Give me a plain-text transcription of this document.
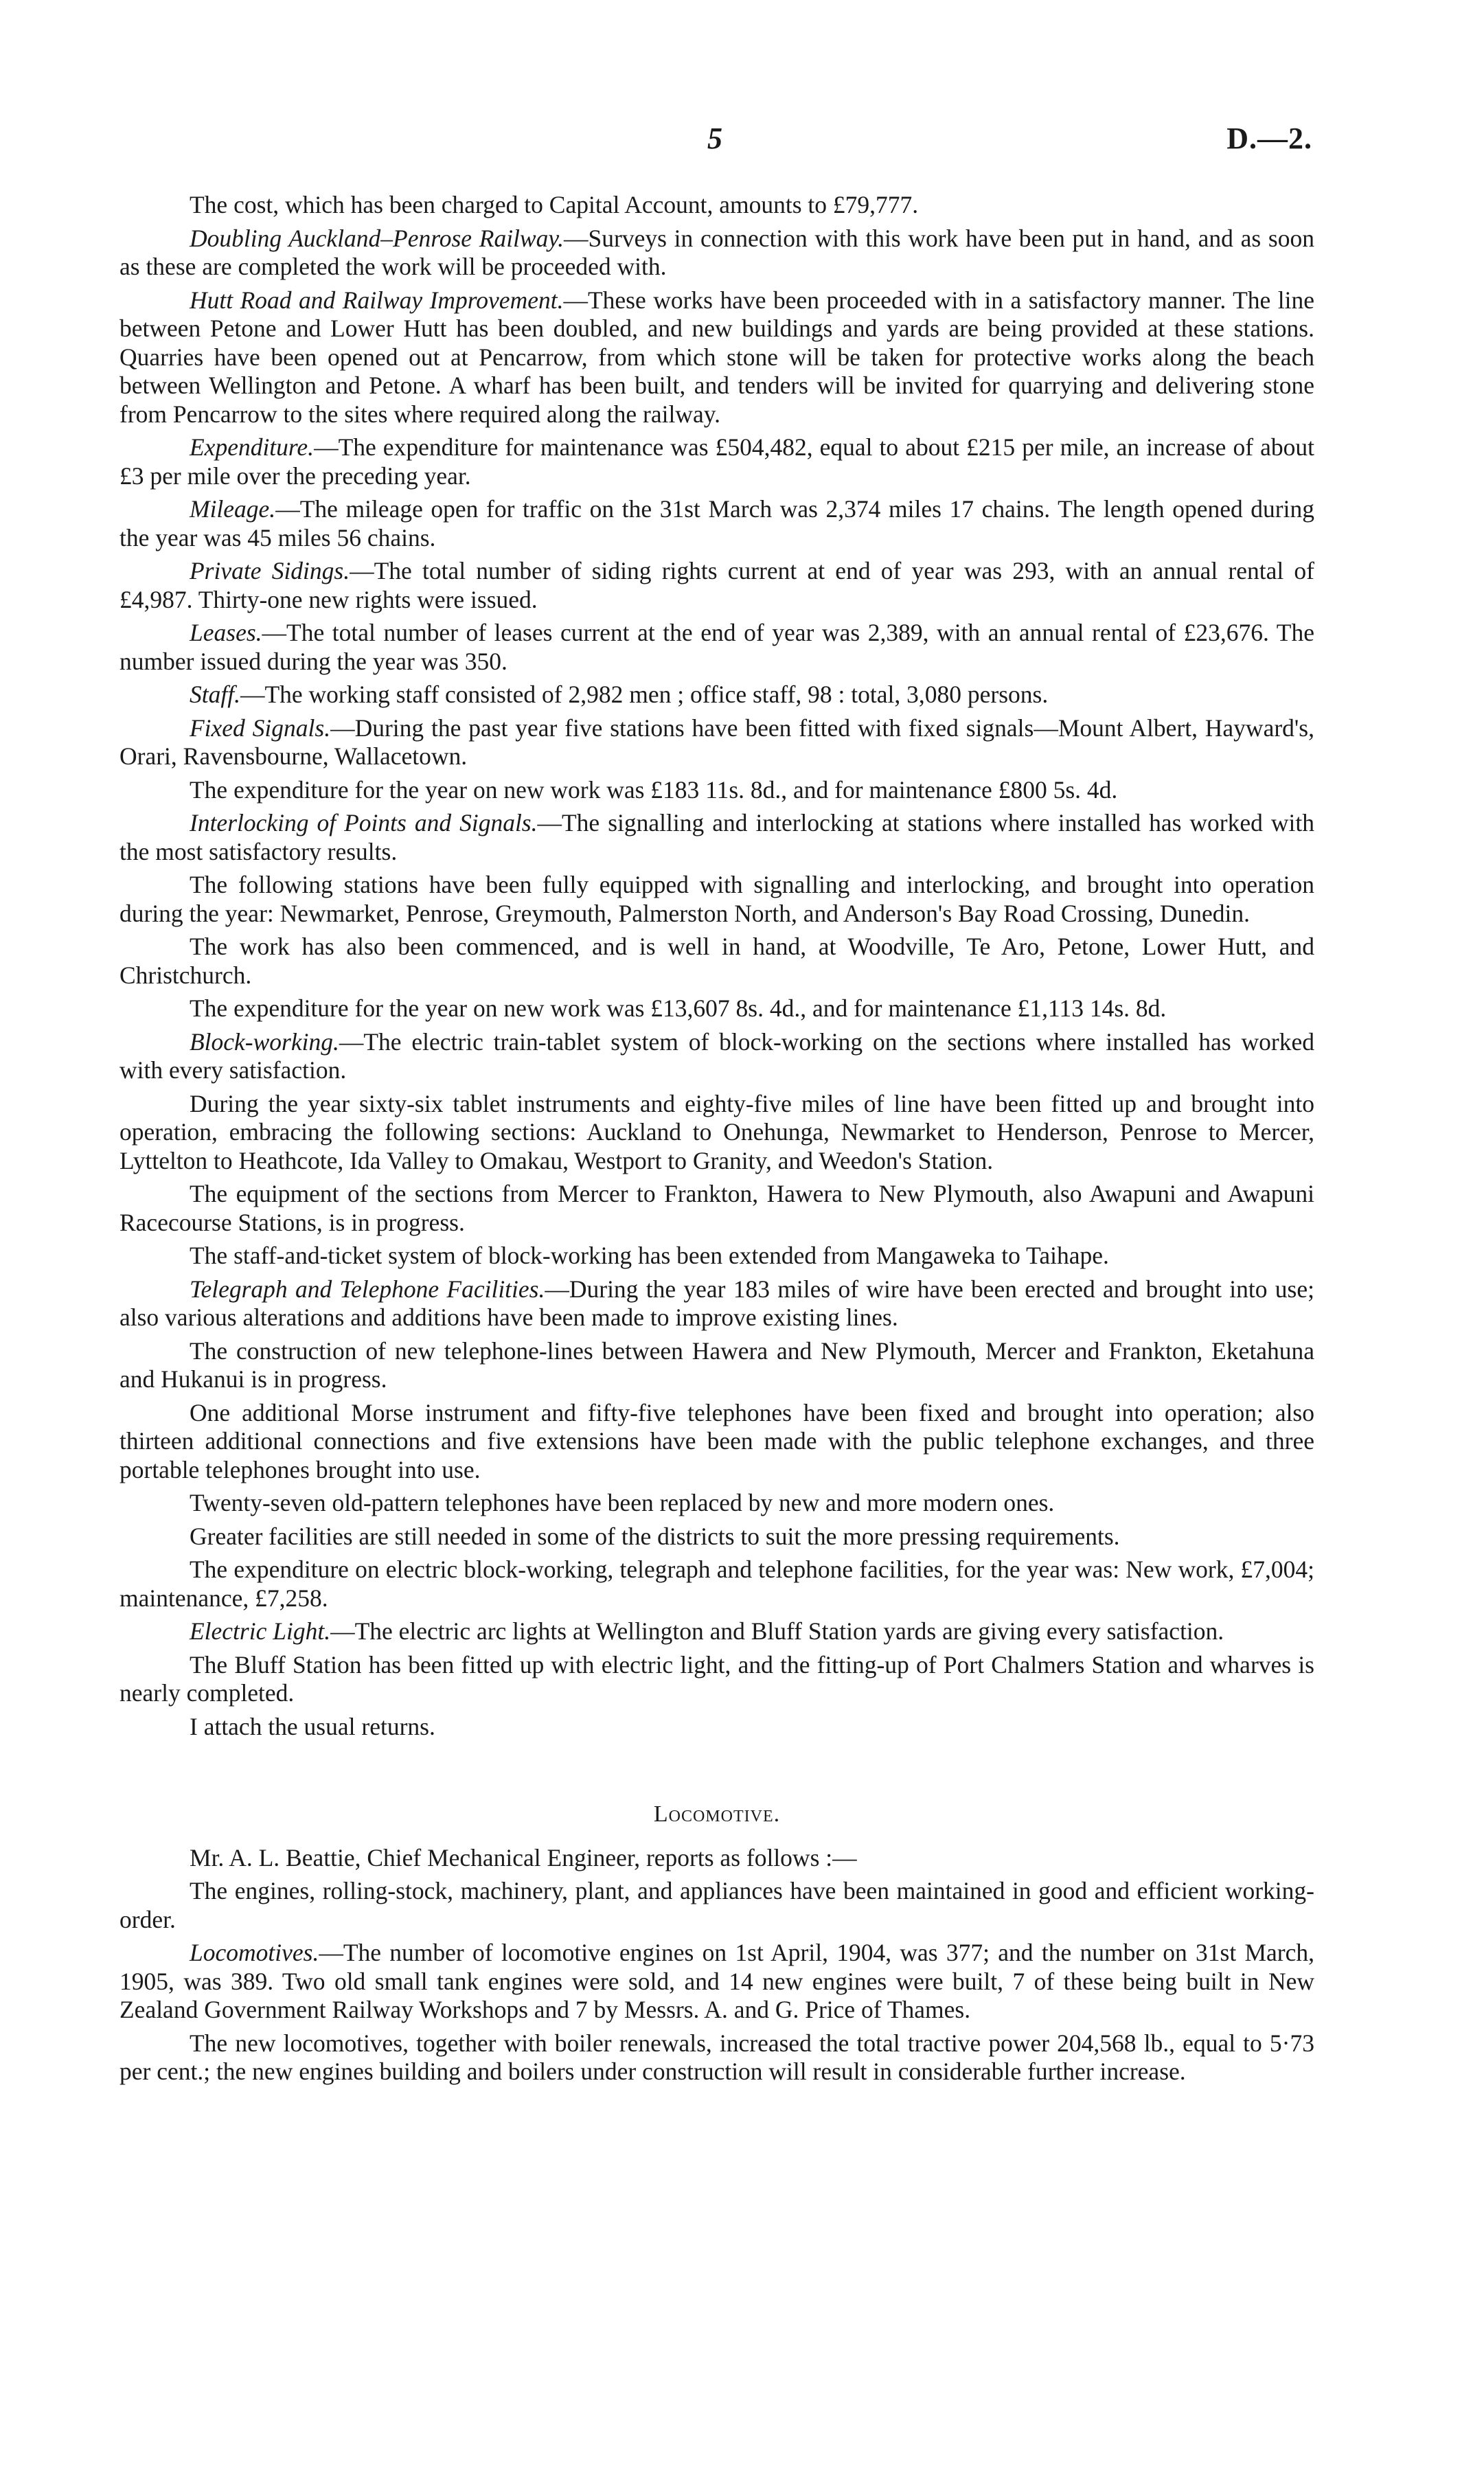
5	D.—2.

The cost, which has been charged to Capital Account, amounts to £79,777.

Doubling Auckland–Penrose Railway.—Surveys in connection with this work have been put in hand, and as soon as these are completed the work will be proceeded with.

Hutt Road and Railway Improvement.—These works have been proceeded with in a satisfactory manner. The line between Petone and Lower Hutt has been doubled, and new buildings and yards are being provided at these stations. Quarries have been opened out at Pencarrow, from which stone will be taken for protective works along the beach between Wellington and Petone. A wharf has been built, and tenders will be invited for quarrying and delivering stone from Pencarrow to the sites where required along the railway.

Expenditure.—The expenditure for maintenance was £504,482, equal to about £215 per mile, an increase of about £3 per mile over the preceding year.

Mileage.—The mileage open for traffic on the 31st March was 2,374 miles 17 chains. The length opened during the year was 45 miles 56 chains.

Private Sidings.—The total number of siding rights current at end of year was 293, with an annual rental of £4,987. Thirty-one new rights were issued.

Leases.—The total number of leases current at the end of year was 2,389, with an annual rental of £23,676. The number issued during the year was 350.

Staff.—The working staff consisted of 2,982 men ; office staff, 98 : total, 3,080 persons.

Fixed Signals.—During the past year five stations have been fitted with fixed signals—Mount Albert, Hayward's, Orari, Ravensbourne, Wallacetown.

The expenditure for the year on new work was £183 11s. 8d., and for maintenance £800 5s. 4d.

Interlocking of Points and Signals.—The signalling and interlocking at stations where installed has worked with the most satisfactory results.

The following stations have been fully equipped with signalling and interlocking, and brought into operation during the year: Newmarket, Penrose, Greymouth, Palmerston North, and Anderson's Bay Road Crossing, Dunedin.

The work has also been commenced, and is well in hand, at Woodville, Te Aro, Petone, Lower Hutt, and Christchurch.

The expenditure for the year on new work was £13,607 8s. 4d., and for maintenance £1,113 14s. 8d.

Block-working.—The electric train-tablet system of block-working on the sections where installed has worked with every satisfaction.

During the year sixty-six tablet instruments and eighty-five miles of line have been fitted up and brought into operation, embracing the following sections: Auckland to Onehunga, Newmarket to Henderson, Penrose to Mercer, Lyttelton to Heathcote, Ida Valley to Omakau, Westport to Granity, and Weedon's Station.

The equipment of the sections from Mercer to Frankton, Hawera to New Plymouth, also Awapuni and Awapuni Racecourse Stations, is in progress.

The staff-and-ticket system of block-working has been extended from Mangaweka to Taihape.

Telegraph and Telephone Facilities.—During the year 183 miles of wire have been erected and brought into use; also various alterations and additions have been made to improve existing lines.

The construction of new telephone-lines between Hawera and New Plymouth, Mercer and Frankton, Eketahuna and Hukanui is in progress.

One additional Morse instrument and fifty-five telephones have been fixed and brought into operation; also thirteen additional connections and five extensions have been made with the public telephone exchanges, and three portable telephones brought into use.

Twenty-seven old-pattern telephones have been replaced by new and more modern ones.

Greater facilities are still needed in some of the districts to suit the more pressing requirements.

The expenditure on electric block-working, telegraph and telephone facilities, for the year was: New work, £7,004; maintenance, £7,258.

Electric Light.—The electric arc lights at Wellington and Bluff Station yards are giving every satisfaction.

The Bluff Station has been fitted up with electric light, and the fitting-up of Port Chalmers Station and wharves is nearly completed.

I attach the usual returns.

Locomotive.

Mr. A. L. Beattie, Chief Mechanical Engineer, reports as follows :—

The engines, rolling-stock, machinery, plant, and appliances have been maintained in good and efficient working-order.

Locomotives.—The number of locomotive engines on 1st April, 1904, was 377; and the number on 31st March, 1905, was 389. Two old small tank engines were sold, and 14 new engines were built, 7 of these being built in New Zealand Government Railway Workshops and 7 by Messrs. A. and G. Price of Thames.

The new locomotives, together with boiler renewals, increased the total tractive power 204,568 lb., equal to 5·73 per cent.; the new engines building and boilers under construction will result in considerable further increase.
